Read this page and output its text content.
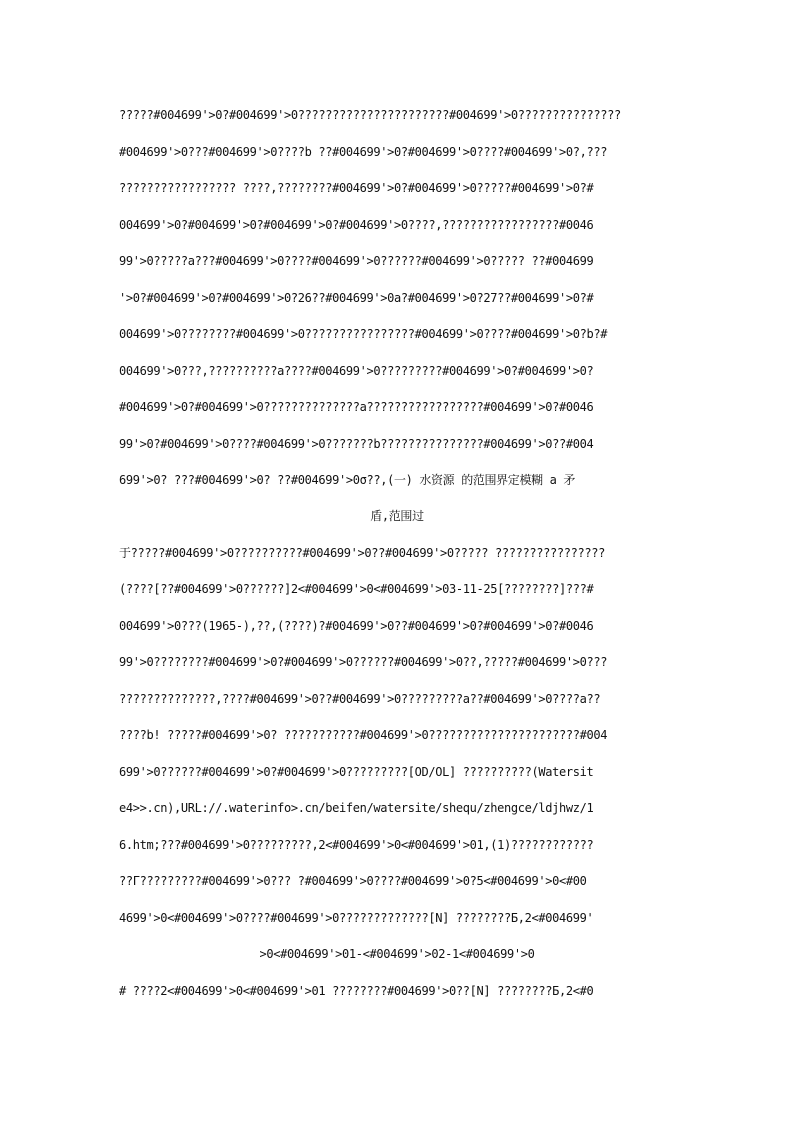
?????#004699'>0?#004699'>0??????????????????????#004699'>0???????????????
#004699'>0???#004699'>0????b ??#004699'>0?#004699'>0????#004699'>0?,???
????????????????? ????,????????#004699'>0?#004699'>0?????#004699'>0?#
004699'>0?#004699'>0?#004699'>0?#004699'>0????,?????????????????#0046
99'>0?????a???#004699'>0????#004699'>0??????#004699'>0????? ??#004699
'>0?#004699'>0?#004699'>0?26??#004699'>0a?#004699'>0?27??#004699'>0?#
004699'>0????????#004699'>0????????????????#004699'>0????#004699'>0?b?#
004699'>0???,??????????a????#004699'>0?????????#004699'>0?#004699'>0?
#004699'>0?#004699'>0??????????????a?????????????????#004699'>0?#0046
99'>0?#004699'>0????#004699'>0???????b???????????????#004699'>0??#004
699'>0? ???#004699'>0? ??#004699'>0σ??,(一) 水资源 的范围界定模糊 a 矛
盾,范围过
于?????#004699'>0??????????#004699'>0??#004699'>0????? ????????????????
(????[??#004699'>0??????]2<#004699'>0<#004699'>03-11-25[????????]???#
004699'>0???(1965-),??,(????)?#004699'>0??#004699'>0?#004699'>0?#0046
99'>0????????#004699'>0?#004699'>0??????#004699'>0??,?????#004699'>0???
??????????????,????#004699'>0??#004699'>0?????????a??#004699'>0????a??
????b! ?????#004699'>0? ???????????#004699'>0??????????????????????#004
699'>0??????#004699'>0?#004699'>0?????????[OD/OL] ??????????(Watersit
e4>>.cn),URL://.waterinfo>.cn/beifen/watersite/shequ/zhengce/ldjhwz/1
6.htm;???#004699'>0?????????,2<#004699'>0<#004699'>01,(1)????????????
??Г?????????#004699'>0??? ?#004699'>0????#004699'>0?5<#004699'>0<#00
4699'>0<#004699'>0????#004699'>0?????????????[N] ????????Б,2<#004699'
>0<#004699'>01-<#004699'>02-1<#004699'>0
# ????2<#004699'>0<#004699'>01 ????????#004699'>0??[N] ????????Б,2<#0
